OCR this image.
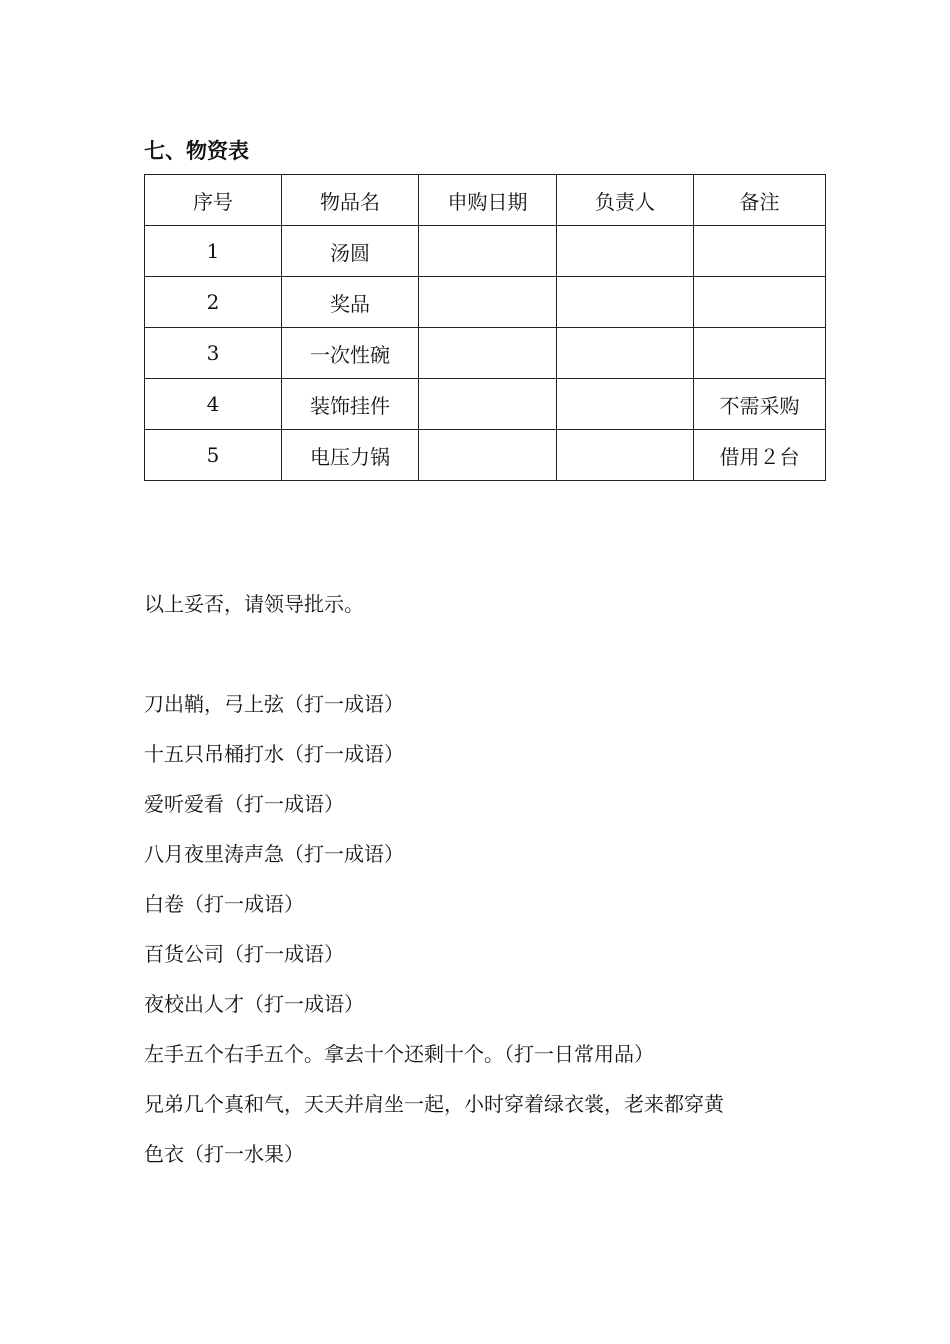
七、物资表
序号	物品名	申购日期	负责人	备注
1	汤圆			
2	奖品			
3	一次性碗			
4	装饰挂件			不需采购
5	电压力锅			借用２台
以上妥否，请领导批示。
刀出鞘，弓上弦（打一成语）
十五只吊桶打水（打一成语）
爱听爱看（打一成语）
八月夜里涛声急（打一成语）
白卷（打一成语）
百货公司（打一成语）
夜校出人才（打一成语）
左手五个右手五个。拿去十个还剩十个。（打一日常用品）
兄弟几个真和气，天天并肩坐一起，小时穿着绿衣裳，老来都穿黄
色衣（打一水果）
